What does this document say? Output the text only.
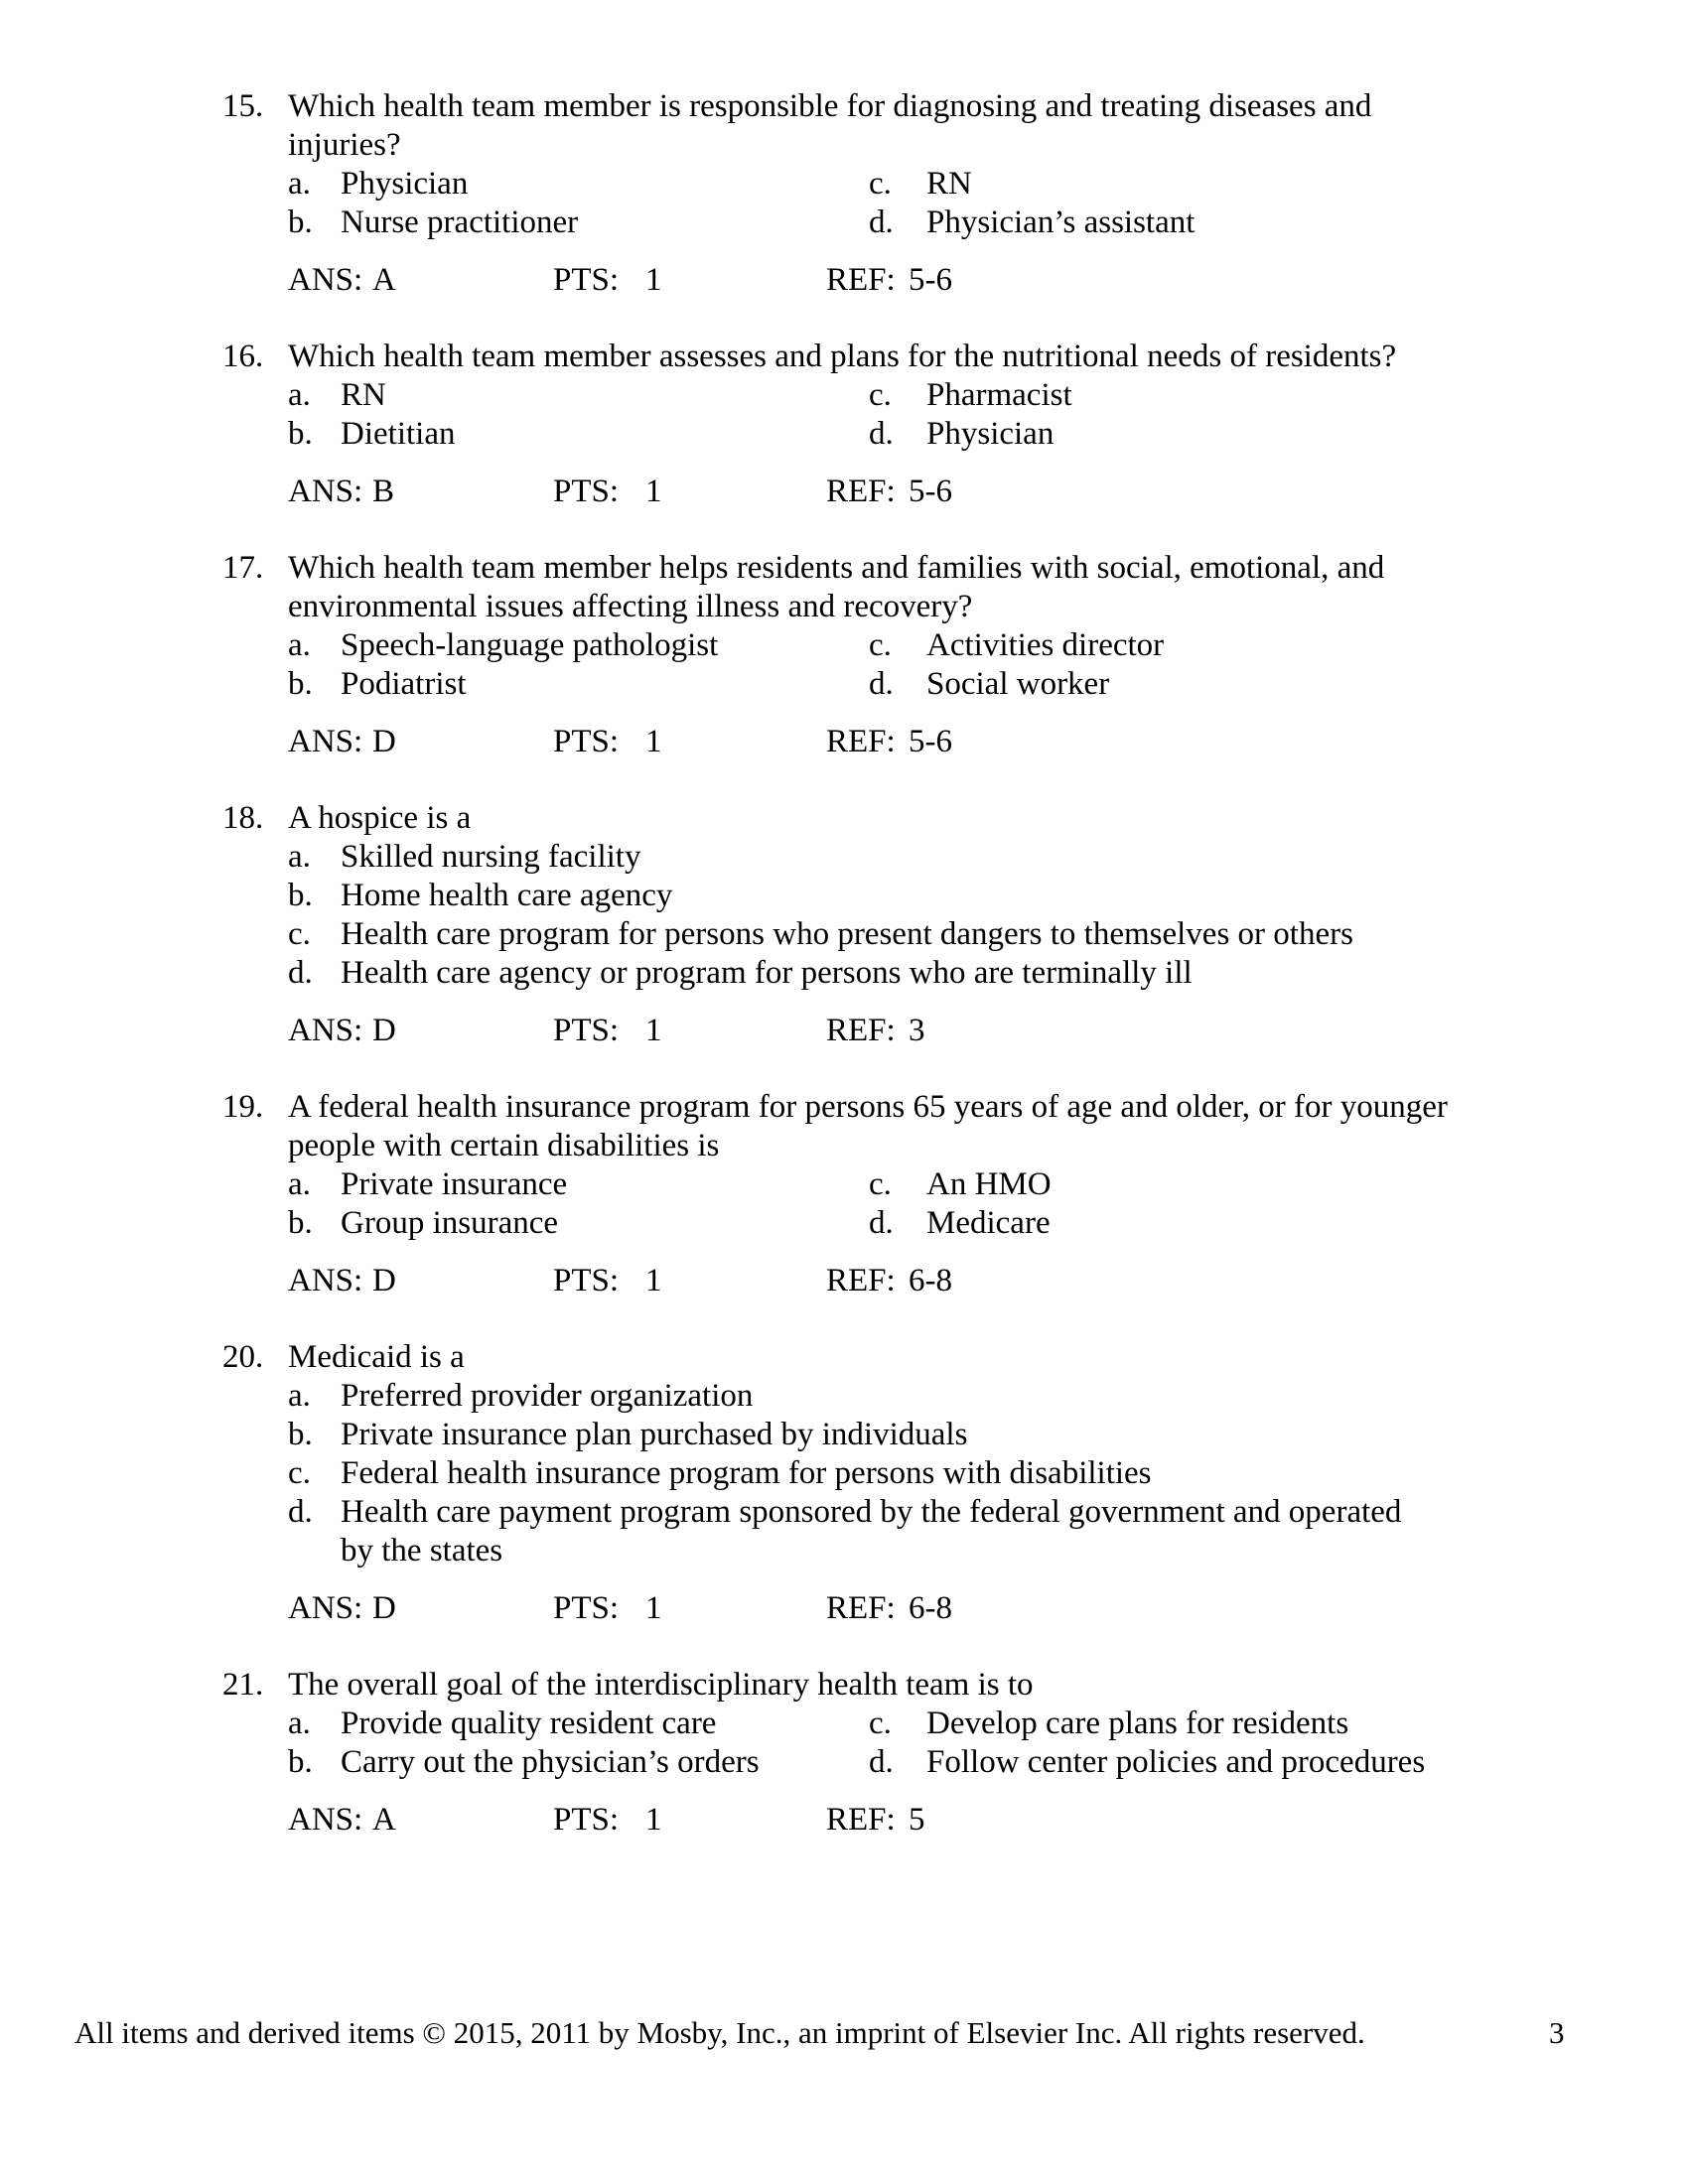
15. Which health team member is responsible for diagnosing and treating diseases and injuries?

a. Physician	c.	RN
b. Nurse practitioner	d.	Physician’s assistant
ANS: A	PTS: 1	REF: 5-6
16. Which health team member assesses and plans for the nutritional needs of residents?

a. RN	c.	Pharmacist
b. Dietitian	d.	Physician
ANS: B	PTS: 1	REF: 5-6
17. Which health team member helps residents and families with social, emotional, and environmental issues affecting illness and recovery?

a. Speech-language pathologist	c.	Activities director
b. Podiatrist	d.	Social worker
ANS: D	PTS: 1	REF: 5-6
18. A hospice is a

a. Skilled nursing facility
b. Home health care agency
c. Health care program for persons who present dangers to themselves or others
d. Health care agency or program for persons who are terminally ill
ANS: D	PTS: 1	REF: 3
19. A federal health insurance program for persons 65 years of age and older, or for younger people with certain disabilities is

a. Private insurance	c.	An HMO
b. Group insurance	d.	Medicare
ANS: D	PTS: 1	REF: 6-8
20. Medicaid is a

a. Preferred provider organization
b. Private insurance plan purchased by individuals
c. Federal health insurance program for persons with disabilities
d. Health care payment program sponsored by the federal government and operated by the states
ANS: D	PTS: 1	REF: 6-8
21. The overall goal of the interdisciplinary health team is to

a. Provide quality resident care	c.	Develop care plans for residents
b. Carry out the physician’s orders	d.	Follow center policies and procedures
ANS: A	PTS: 1	REF: 5
All items and derived items © 2015, 2011 by Mosby, Inc., an imprint of Elsevier Inc. All rights reserved.	3
